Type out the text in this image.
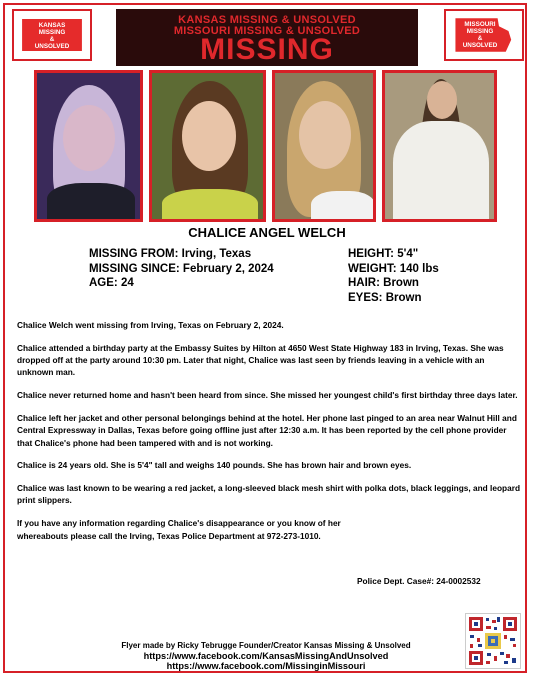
KANSAS
MISSING
&
UNSOLVED
KANSAS MISSING & UNSOLVED
MISSOURI MISSING & UNSOLVED
MISSING
MISSOURI
MISSING
&
UNSOLVED
CHALICE ANGEL WELCH
MISSING FROM: Irving, Texas
MISSING SINCE: February 2, 2024
AGE: 24
HEIGHT: 5'4"
WEIGHT: 140 lbs
HAIR: Brown
EYES: Brown

Chalice Welch went missing from Irving, Texas on February 2, 2024.

Chalice attended a birthday party at the Embassy Suites by Hilton at 4650 West State Highway 183 in Irving, Texas. She was dropped off at the party around 10:30 pm. Later that night, Chalice was last seen by friends leaving in a vehicle with an unknown man.

Chalice never returned home and hasn't been heard from since. She missed her youngest child's first birthday three days later.

Chalice left her jacket and other personal belongings behind at the hotel. Her phone last pinged to an area near Walnut Hill and Central Expressway in Dallas, Texas before going offline just after 12:30 a.m. It has been reported by the cell phone provider that Chalice's phone had been tampered with and is not working.

Chalice is 24 years old. She is 5'4" tall and weighs 140 pounds. She has brown hair and brown eyes.

Chalice was last known to be wearing a red jacket, a long-sleeved black mesh shirt with polka dots, black leggings, and leopard print slippers.

If you have any information regarding Chalice's disappearance or you know of her whereabouts please call the Irving, Texas Police Department at 972-273-1010.

Police Dept. Case#: 24-0002532
Flyer made by Ricky Tebrugge Founder/Creator Kansas Missing & Unsolved
https://www.facebook.com/KansasMissingAndUnsolved
https://www.facebook.com/MissinginMissouri
